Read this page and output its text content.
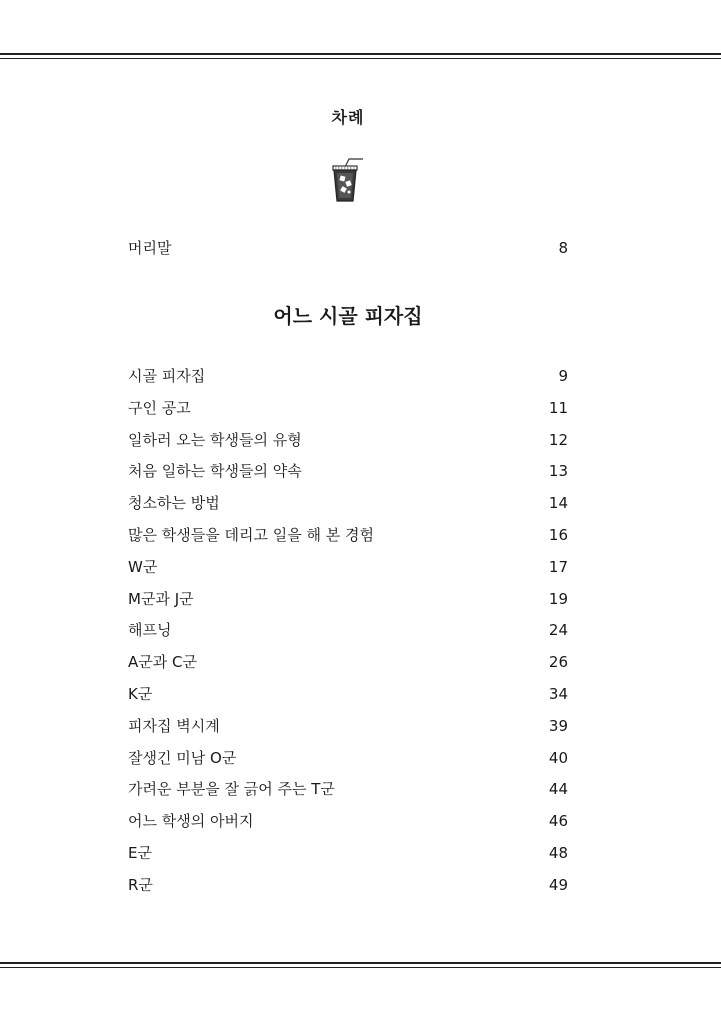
차례
머리말	8
어느 시골 피자집
시골 피자집	9
구인 공고	11
일하러 오는 학생들의 유형	12
처음 일하는 학생들의 약속	13
청소하는 방법	14
많은 학생들을 데리고 일을 해 본 경험	16
W군	17
M군과 J군	19
해프닝	24
A군과 C군	26
K군	34
피자집 벽시계	39
잘생긴 미남 O군	40
가려운 부분을 잘 긁어 주는 T군	44
어느 학생의 아버지	46
E군	48
R군	49
